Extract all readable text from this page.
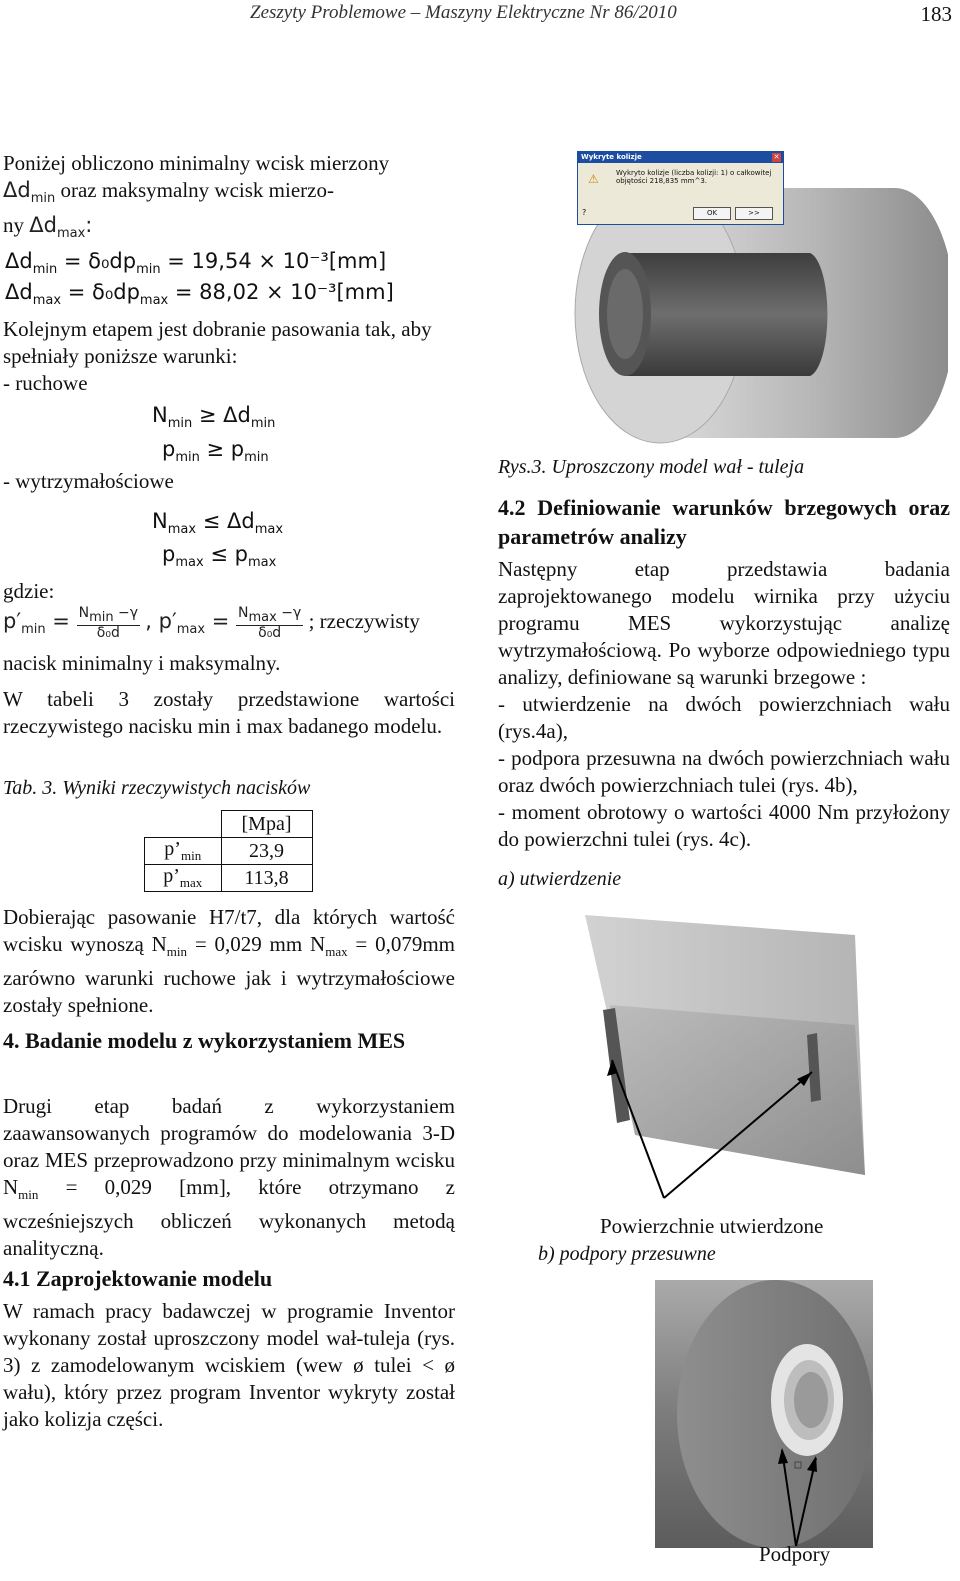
Zeszyty Problemowe – Maszyny Elektryczne Nr 86/2010	183
Poniżej obliczono minimalny wcisk mierzony
$\Delta d_{min}$ oraz maksymalny wcisk mierzo-
ny $\Delta d_{max}$:
$\Delta d_{min} = \delta_0dp_{min} = 19,54 \times 10^{-3}[mm]$
$\Delta d_{max} = \delta_0dp_{max} = 88,02 \times 10^{-3}[mm]$
Kolejnym etapem jest dobranie pasowania tak, aby spełniały poniższe warunki:
- ruchowe
$N_{min} \ge \Delta d_{min}$
$p_{min} \ge p_{min}$
- wytrzymałościowe
$N_{max} \le \Delta d_{max}$
$p_{max} \le p_{max}$
gdzie:
$p'_{min} = \frac{N_{min} -\gamma}{\text{δ₀d}}$ , $p'_{max} = \frac{N_{max} -\gamma}{\text{δ₀d}}$ ; rzeczywisty
nacisk minimalny i maksymalny.
W tabeli 3 zostały przedstawione wartości rzeczywistego nacisku min i max badanego modelu.
Tab. 3. Wyniki rzeczywistych nacisków
	[Mpa]
$p’_{min}$	23,9
$p’_{max}$	113,8
Dobierając pasowanie H7/t7, dla których wartość wcisku wynoszą $N_{min} = 0,029$ mm $N_{max} = 0,079mm$ zarówno warunki ruchowe jak i wytrzymałościowe zostały spełnione.
4. Badanie modelu z wykorzystaniem MES
Drugi etap badań z wykorzystaniem zaawansowanych programów do modelowania 3-D oraz MES przeprowadzono przy minimalnym wcisku $N_{min} = 0,029$ [mm], które otrzymano z wcześniejszych obliczeń wykonanych metodą analityczną.
4.1 Zaprojektowanie modelu
W ramach pracy badawczej w programie Inventor wykonany został uproszczony model wał-tuleja (rys. 3) z zamodelowanym wciskiem (wew ø tulei < ø wału), który przez program Inventor wykryty został jako kolizja części.
Wykryte kolizje	✕
⚠ Wykryto kolizje (liczba kolizji: 1) o całkowitej objętości 218,835 mm^3.
?	OK	>>
Rys.3. Uproszczony model wał - tuleja
4.2 Definiowanie warunków brzegowych oraz parametrów analizy
Następny etap przedstawia badania zaprojektowanego modelu wirnika przy użyciu programu MES wykorzystując analizę wytrzymałościową. Po wyborze odpowiedniego typu analizy, definiowane są warunki brzegowe :
- utwierdzenie na dwóch powierzchniach wału (rys.4a),
- podpora przesuwna na dwóch powierzchniach wału oraz dwóch powierzchniach tulei (rys. 4b),
- moment obrotowy o wartości 4000 Nm przyłożony do powierzchni tulei (rys. 4c).
a) utwierdzenie
Powierzchnie utwierdzone
b) podpory przesuwne
Podpory
